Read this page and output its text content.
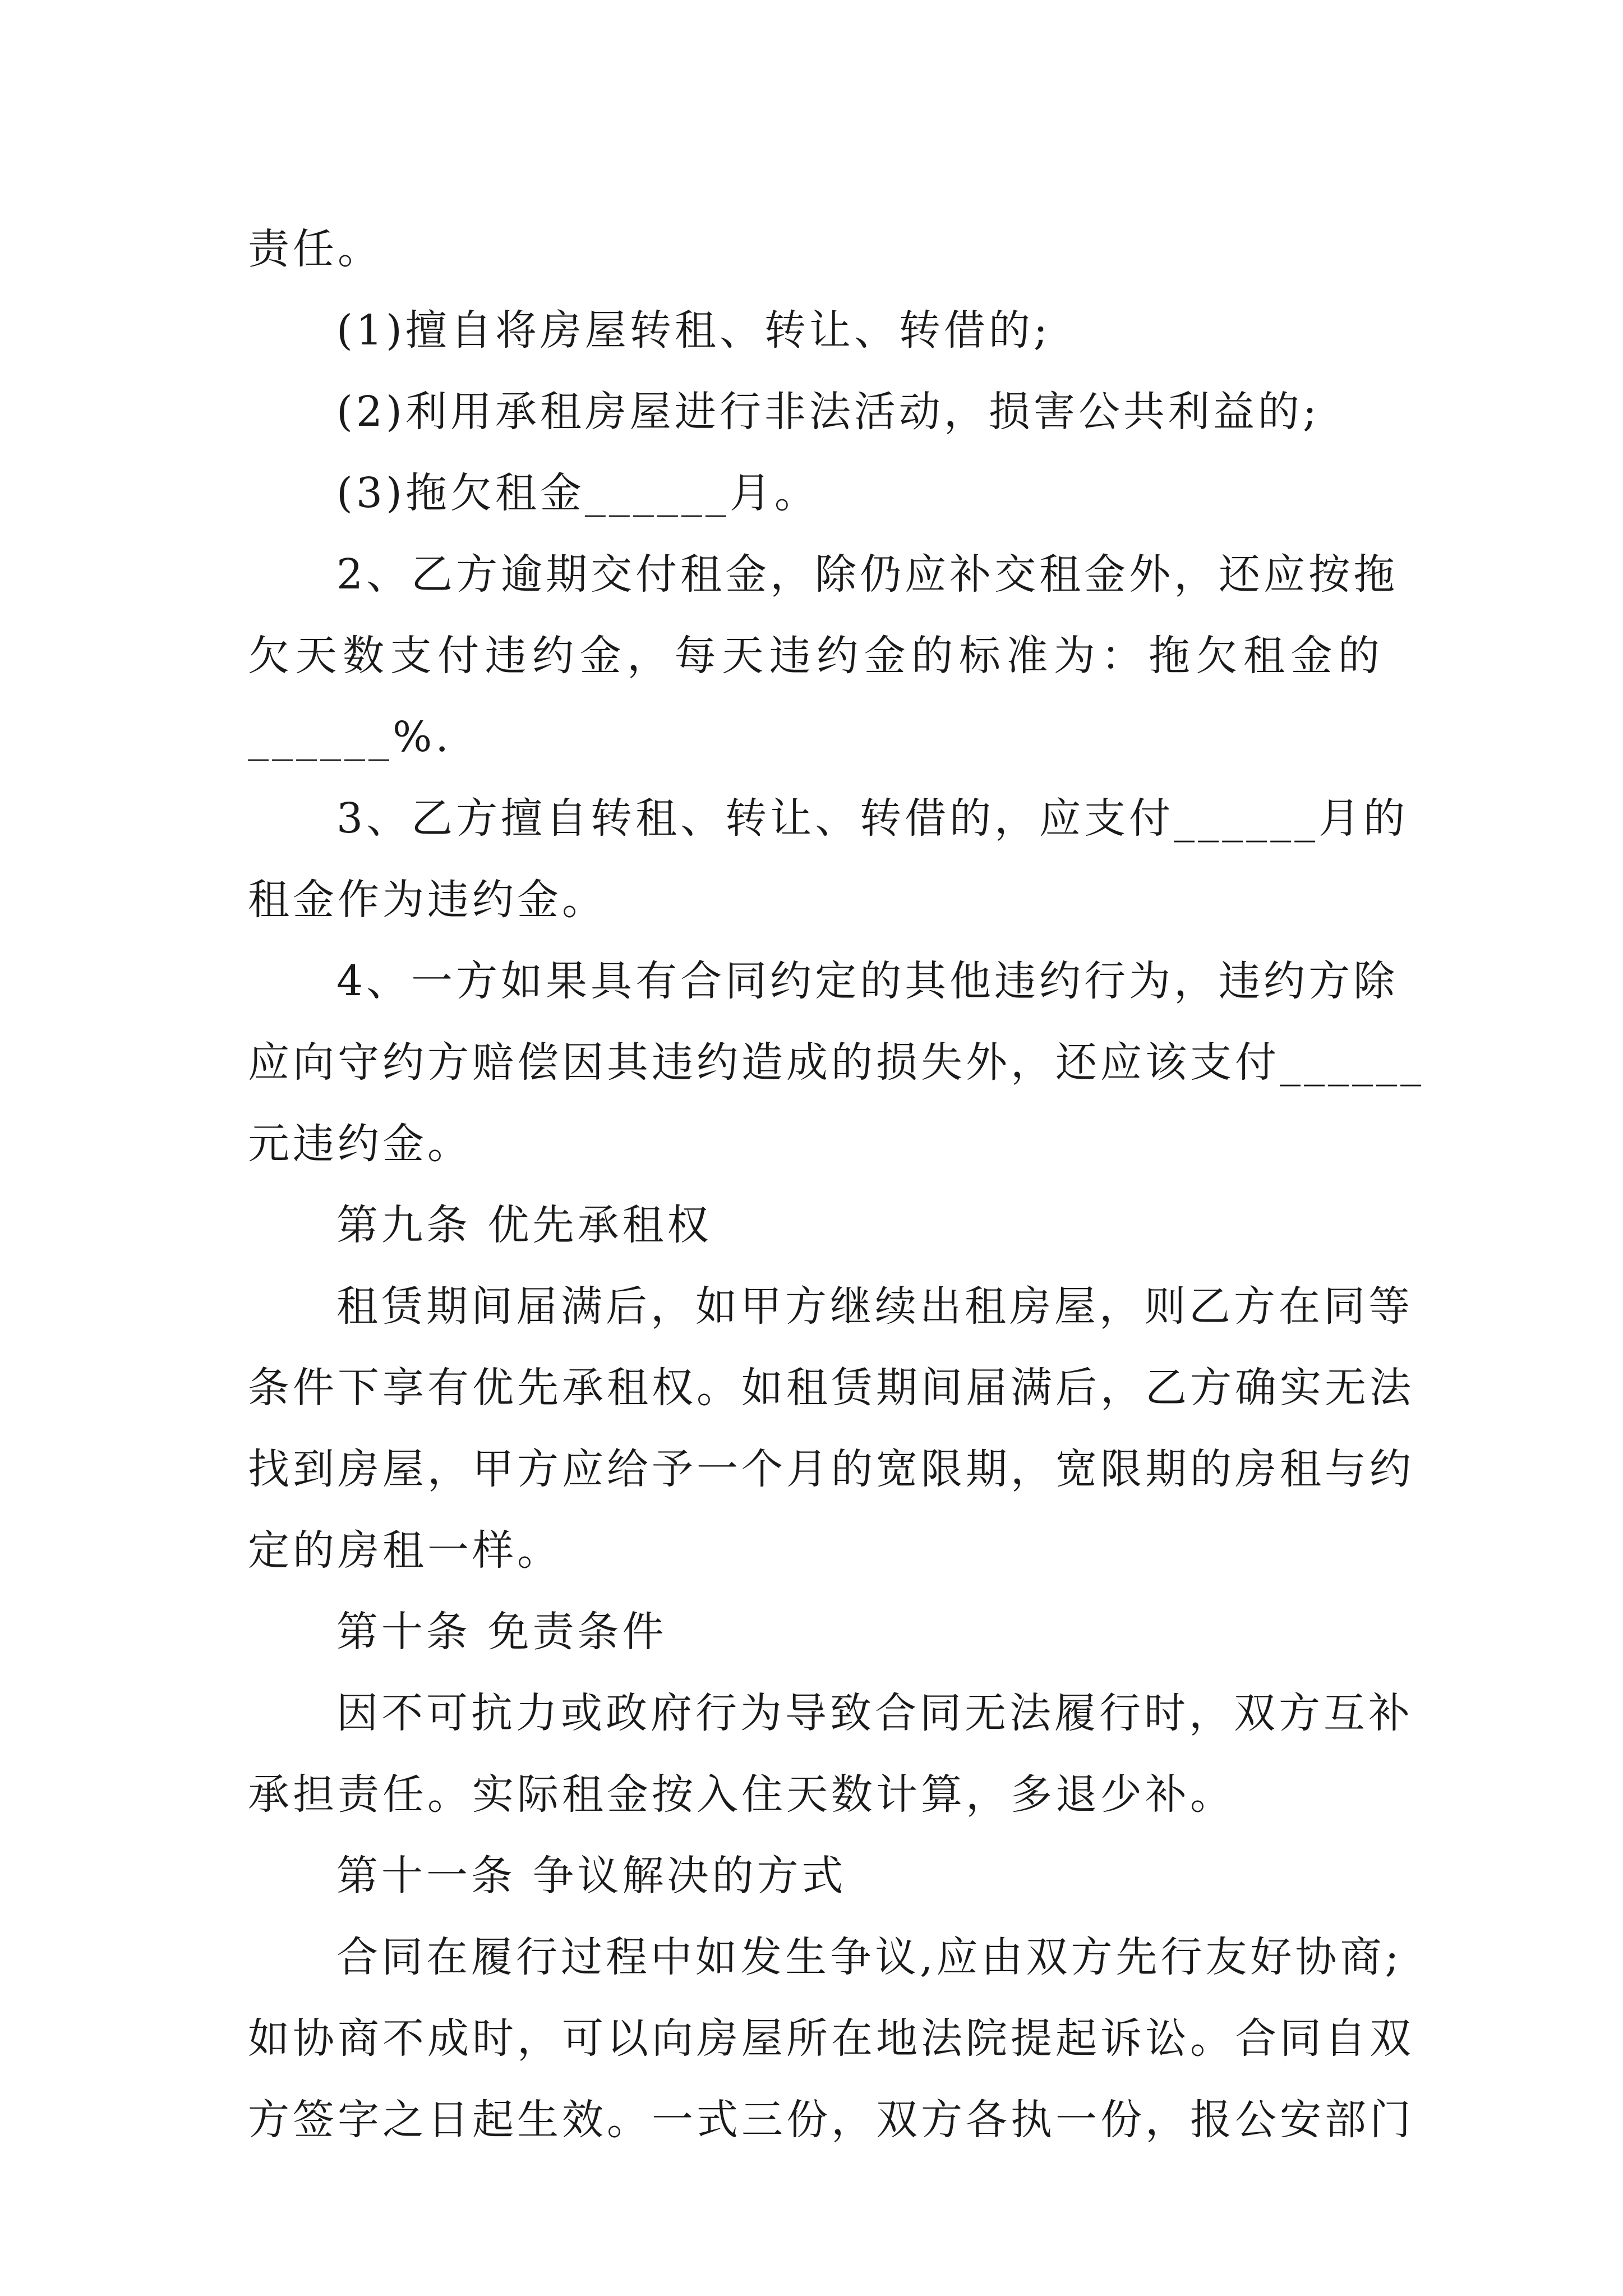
责任。
(1)擅自将房屋转租、转让、转借的;
(2)利用承租房屋进行非法活动，损害公共利益的;
(3)拖欠租金______月。
2、乙方逾期交付租金，除仍应补交租金外，还应按拖
欠天数支付违约金，每天违约金的标准为：拖欠租金的
______%.
3、乙方擅自转租、转让、转借的，应支付______月的
租金作为违约金。
4、一方如果具有合同约定的其他违约行为，违约方除
应向守约方赔偿因其违约造成的损失外，还应该支付______
元违约金。
第九条 优先承租权
租赁期间届满后，如甲方继续出租房屋，则乙方在同等
条件下享有优先承租权。如租赁期间届满后，乙方确实无法
找到房屋，甲方应给予一个月的宽限期，宽限期的房租与约
定的房租一样。
第十条 免责条件
因不可抗力或政府行为导致合同无法履行时，双方互补
承担责任。实际租金按入住天数计算，多退少补。
第十一条 争议解决的方式
合同在履行过程中如发生争议,应由双方先行友好协商;
如协商不成时，可以向房屋所在地法院提起诉讼。合同自双
方签字之日起生效。一式三份，双方各执一份，报公安部门
